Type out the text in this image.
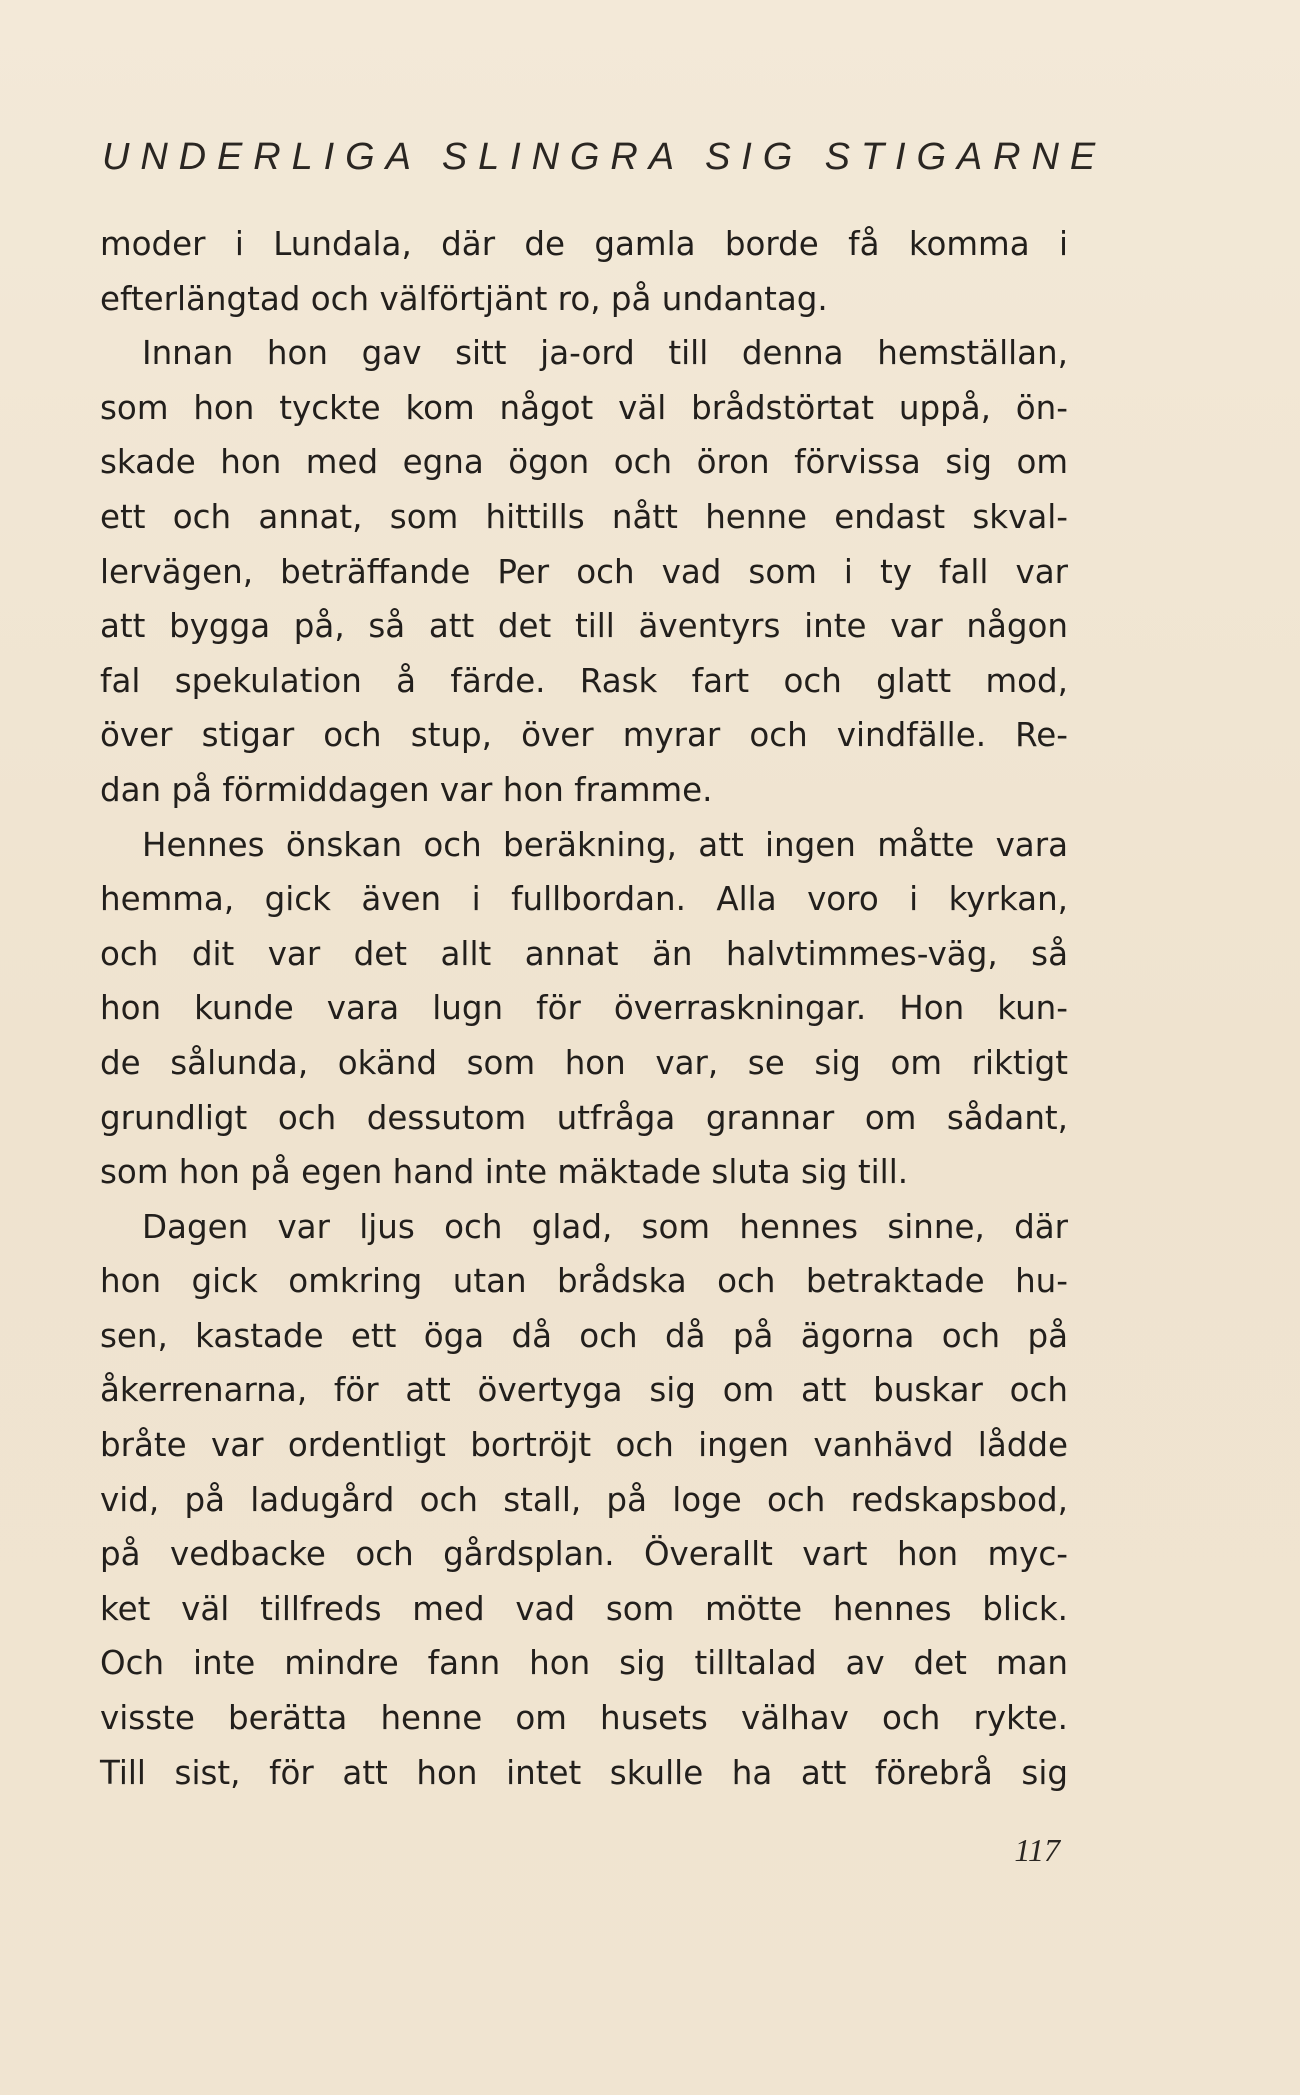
UNDERLIGA SLINGRA SIG STIGARNE
moder i Lundala, där de gamla borde få komma i
efterlängtad och välförtjänt ro, på undantag.
Innan hon gav sitt ja-ord till denna hemställan,
som hon tyckte kom något väl brådstörtat uppå, ön-
skade hon med egna ögon och öron förvissa sig om
ett och annat, som hittills nått henne endast skval-
lervägen, beträffande Per och vad som i ty fall var
att bygga på, så att det till äventyrs inte var någon
fal spekulation å färde. Rask fart och glatt mod,
över stigar och stup, över myrar och vindfälle. Re-
dan på förmiddagen var hon framme.
Hennes önskan och beräkning, att ingen måtte vara
hemma, gick även i fullbordan. Alla voro i kyrkan,
och dit var det allt annat än halvtimmes-väg, så
hon kunde vara lugn för överraskningar. Hon kun-
de sålunda, okänd som hon var, se sig om riktigt
grundligt och dessutom utfråga grannar om sådant,
som hon på egen hand inte mäktade sluta sig till.
Dagen var ljus och glad, som hennes sinne, där
hon gick omkring utan brådska och betraktade hu-
sen, kastade ett öga då och då på ägorna och på
åkerrenarna, för att övertyga sig om att buskar och
bråte var ordentligt bortröjt och ingen vanhävd lådde
vid, på ladugård och stall, på loge och redskapsbod,
på vedbacke och gårdsplan. Överallt vart hon myc-
ket väl tillfreds med vad som mötte hennes blick.
Och inte mindre fann hon sig tilltalad av det man
visste berätta henne om husets välhav och rykte.
Till sist, för att hon intet skulle ha att förebrå sig
117
